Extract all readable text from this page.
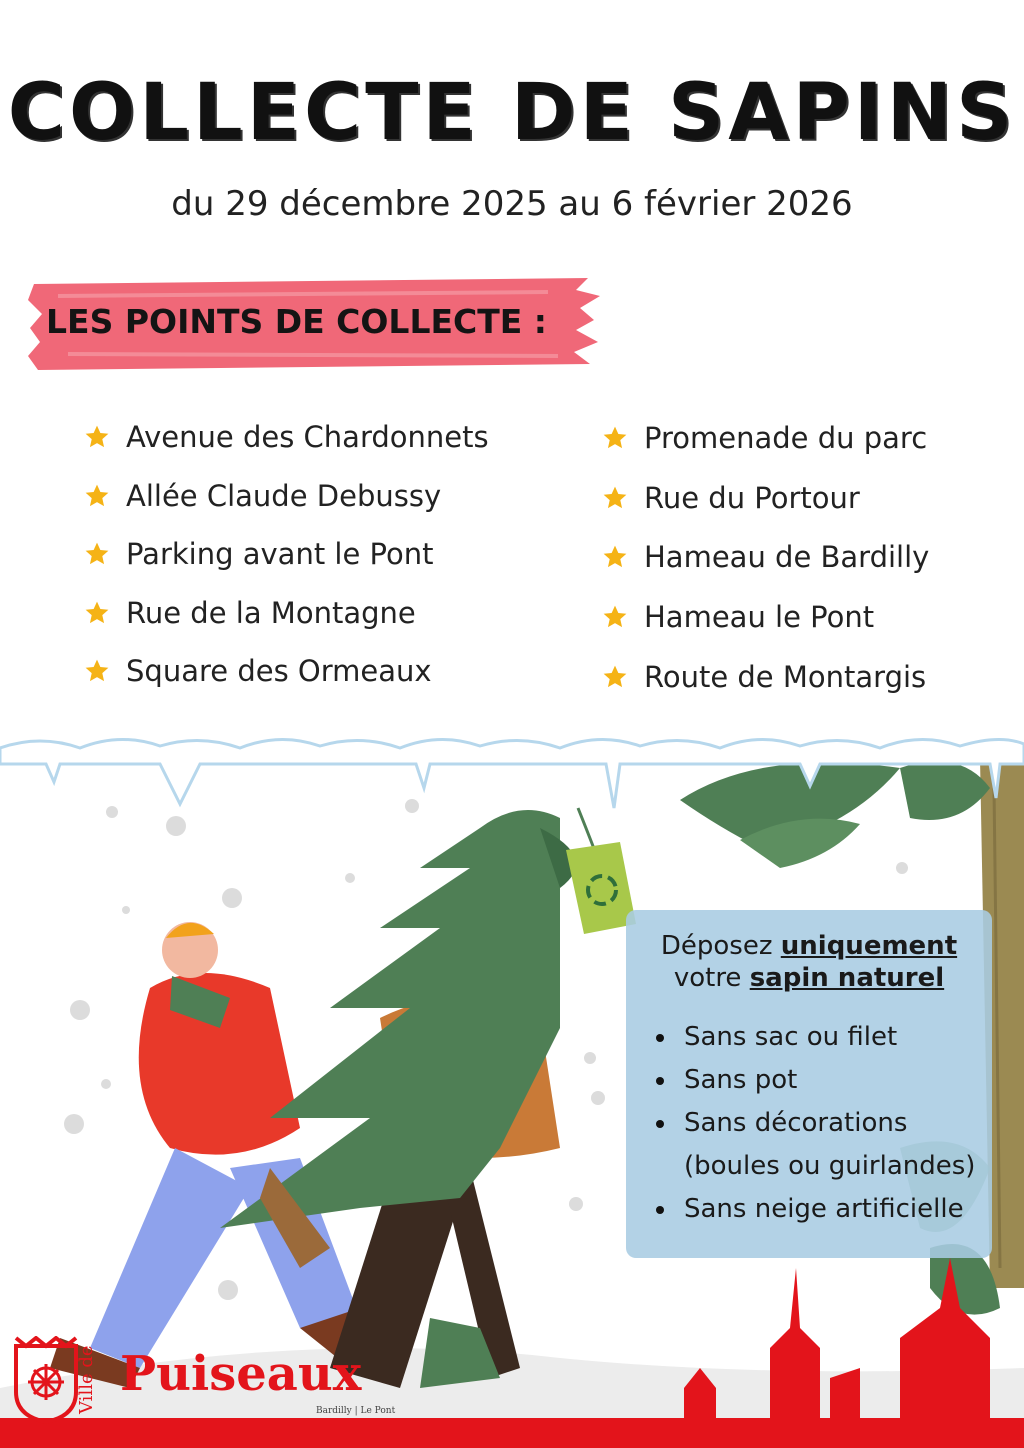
COLLECTE DE SAPINS
du 29 décembre 2025 au 6 février 2026
LES POINTS DE COLLECTE :
Avenue des Chardonnets
Allée Claude Debussy
Parking avant le Pont
Rue de la Montagne
Square des Ormeaux
Promenade du parc
Rue du Portour
Hameau de Bardilly
Hameau le Pont
Route de Montargis
Déposez uniquement
votre sapin naturel
Sans sac ou filet
Sans pot
Sans décorations
(boules ou guirlandes)
Sans neige artificielle
Ville de Puiseaux
Bardilly | Le Pont
